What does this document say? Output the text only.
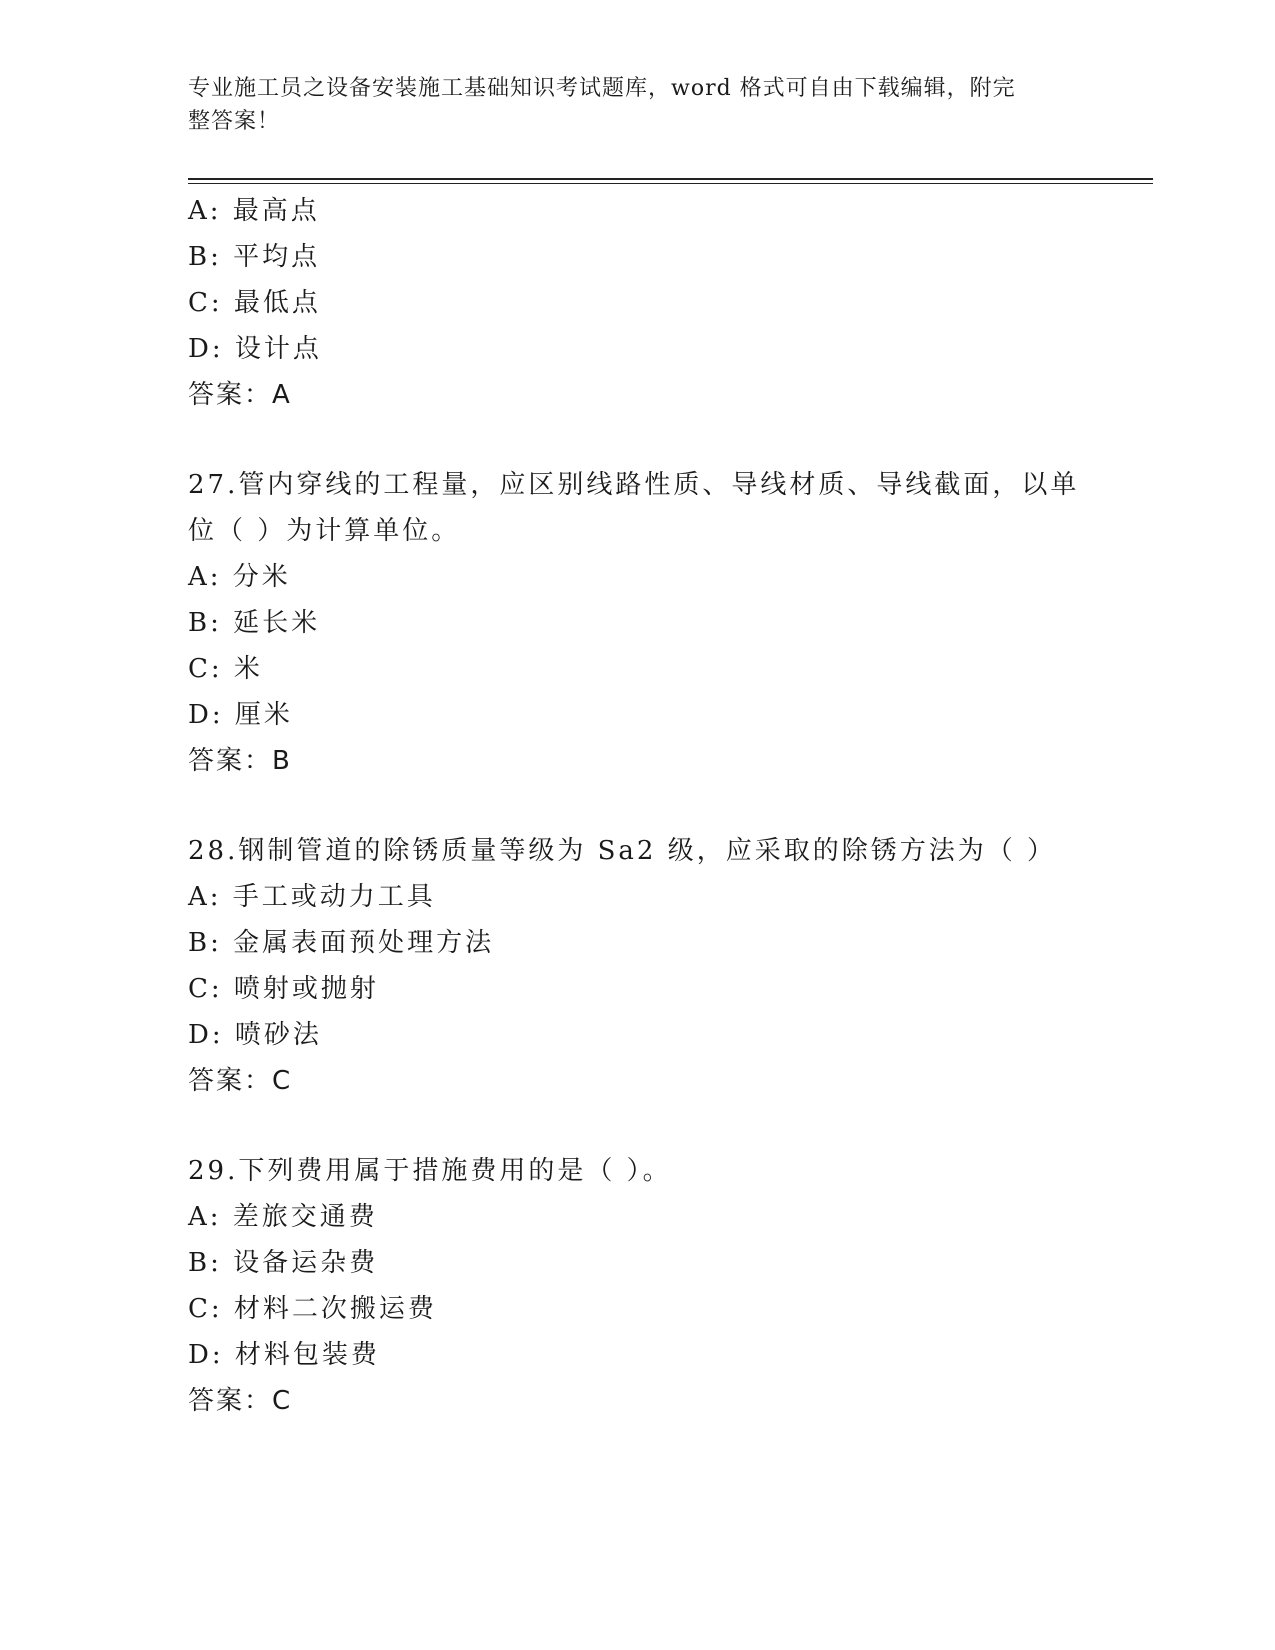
专业施工员之设备安装施工基础知识考试题库，word 格式可自由下载编辑，附完
整答案！
A: 最高点
B: 平均点
C: 最低点
D: 设计点
答案：A
27.管内穿线的工程量，应区别线路性质、导线材质、导线截面，以单
位（ ）为计算单位。
A: 分米
B: 延长米
C: 米
D: 厘米
答案：B
28.钢制管道的除锈质量等级为 Sa2 级，应采取的除锈方法为（ ）
A: 手工或动力工具
B: 金属表面预处理方法
C: 喷射或抛射
D: 喷砂法
答案：C
29.下列费用属于措施费用的是（ ）。
A: 差旅交通费
B: 设备运杂费
C: 材料二次搬运费
D: 材料包装费
答案：C
